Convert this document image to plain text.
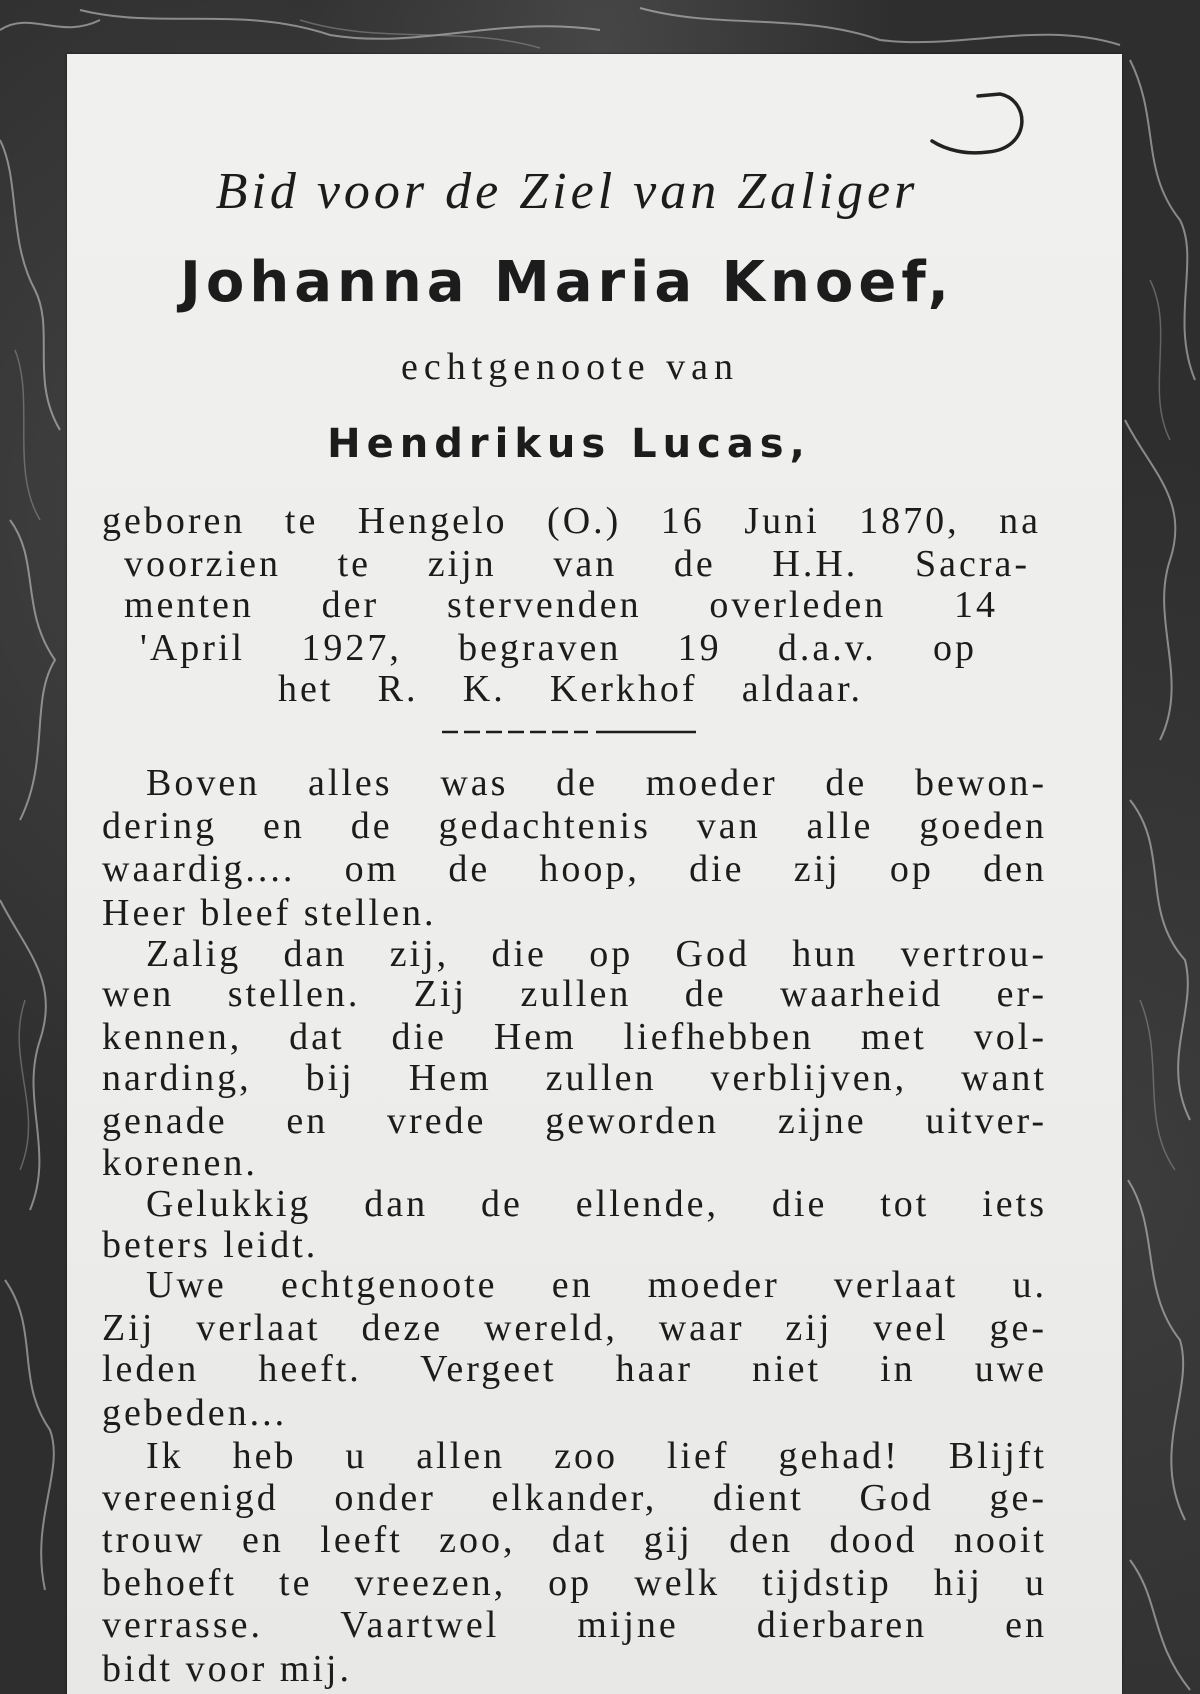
Bid voor de Ziel van Zaliger
Johanna Maria Knoef,
echtgenoote van
Hendrikus Lucas,
geboren te Hengelo (O.) 16 Juni 1870, na
voorzien te zijn van de H.H. Sacra-
menten der stervenden overleden 14
'April 1927, begraven 19 d.a.v. op
het R. K. Kerkhof aldaar.
Boven alles was de moeder de bewon-
dering en de gedachtenis van alle goeden
waardig.... om de hoop, die zij op den
Heer bleef stellen.
Zalig dan zij, die op God hun vertrou-
wen stellen. Zij zullen de waarheid er-
kennen, dat die Hem liefhebben met vol-
narding, bij Hem zullen verblijven, want
genade en vrede geworden zijne uitver-
korenen.
Gelukkig dan de ellende, die tot iets
beters leidt.
Uwe echtgenoote en moeder verlaat u.
Zij verlaat deze wereld, waar zij veel ge-
leden heeft. Vergeet haar niet in uwe
gebeden...
Ik heb u allen zoo lief gehad! Blijft
vereenigd onder elkander, dient God ge-
trouw en leeft zoo, dat gij den dood nooit
behoeft te vreezen, op welk tijdstip hij u
verrasse. Vaartwel mijne dierbaren en
bidt voor mij.
